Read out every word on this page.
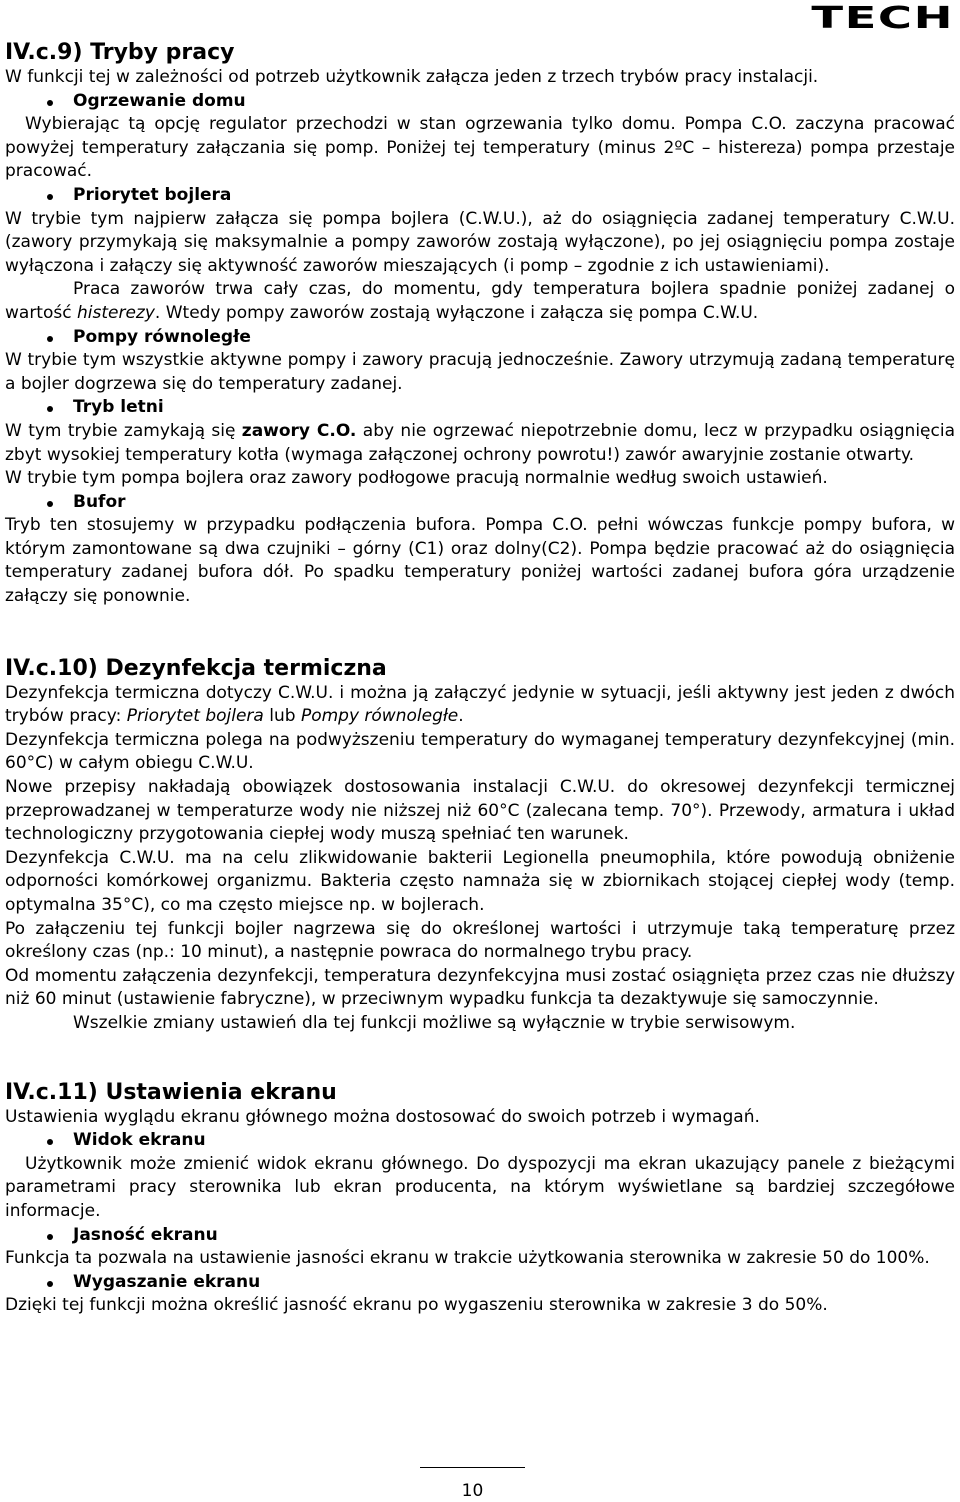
TECH
IV.c.9) Tryby pracy

W funkcji tej w zależności od potrzeb użytkownik załącza jeden z trzech trybów pracy instalacji.

Ogrzewanie domu

Wybierając tą opcję regulator przechodzi w stan ogrzewania tylko domu. Pompa C.O. zaczyna pracować powyżej temperatury załączania się pomp. Poniżej tej temperatury (minus 2ºC – histereza) pompa przestaje pracować.

Priorytet bojlera

W trybie tym najpierw załącza się pompa bojlera (C.W.U.), aż do osiągnięcia zadanej temperatury C.W.U. (zawory przymykają się maksymalnie a pompy zaworów zostają wyłączone), po jej osiągnięciu pompa zostaje wyłączona i załączy się aktywność zaworów mieszających (i pomp – zgodnie z ich ustawieniami).

Praca zaworów trwa cały czas, do momentu, gdy temperatura bojlera spadnie poniżej zadanej o wartość histerezy. Wtedy pompy zaworów zostają wyłączone i załącza się pompa C.W.U.

Pompy równoległe

W trybie tym wszystkie aktywne pompy i zawory pracują jednocześnie. Zawory utrzymują zadaną temperaturę a bojler dogrzewa się do temperatury zadanej.

Tryb letni

W tym trybie zamykają się zawory C.O. aby nie ogrzewać niepotrzebnie domu, lecz w przypadku osiągnięcia zbyt wysokiej temperatury kotła (wymaga załączonej ochrony powrotu!) zawór awaryjnie zostanie otwarty.

W trybie tym pompa bojlera oraz zawory podłogowe pracują normalnie według swoich ustawień.

Bufor

Tryb ten stosujemy w przypadku podłączenia bufora. Pompa C.O. pełni wówczas funkcje pompy bufora, w którym zamontowane są dwa czujniki – górny (C1) oraz dolny(C2). Pompa będzie pracować aż do osiągnięcia temperatury zadanej bufora dół. Po spadku temperatury poniżej wartości zadanej bufora góra urządzenie załączy się ponownie.

IV.c.10) Dezynfekcja termiczna

Dezynfekcja termiczna dotyczy C.W.U. i można ją załączyć jedynie w sytuacji, jeśli aktywny jest jeden z dwóch trybów pracy: Priorytet bojlera lub Pompy równoległe.

Dezynfekcja termiczna polega na podwyższeniu temperatury do wymaganej temperatury dezynfekcyjnej (min. 60°C) w całym obiegu C.W.U.

Nowe przepisy nakładają obowiązek dostosowania instalacji C.W.U. do okresowej dezynfekcji termicznej przeprowadzanej w temperaturze wody nie niższej niż 60°C (zalecana temp. 70°). Przewody, armatura i układ technologiczny przygotowania ciepłej wody muszą spełniać ten warunek.

Dezynfekcja C.W.U. ma na celu zlikwidowanie bakterii Legionella pneumophila, które powodują obniżenie odporności komórkowej organizmu. Bakteria często namnaża się w zbiornikach stojącej ciepłej wody (temp. optymalna 35°C), co ma często miejsce np. w bojlerach.

Po załączeniu tej funkcji bojler nagrzewa się do określonej wartości i utrzymuje taką temperaturę przez określony czas (np.: 10 minut), a następnie powraca do normalnego trybu pracy.

Od momentu załączenia dezynfekcji, temperatura dezynfekcyjna musi zostać osiągnięta przez czas nie dłuższy niż 60 minut (ustawienie fabryczne), w przeciwnym wypadku funkcja ta dezaktywuje się samoczynnie.

Wszelkie zmiany ustawień dla tej funkcji możliwe są wyłącznie w trybie serwisowym.

IV.c.11) Ustawienia ekranu

Ustawienia wyglądu ekranu głównego można dostosować do swoich potrzeb i wymagań.

Widok ekranu

Użytkownik może zmienić widok ekranu głównego. Do dyspozycji ma ekran ukazujący panele z bieżącymi parametrami pracy sterownika lub ekran producenta, na którym wyświetlane są bardziej szczegółowe informacje.

Jasność ekranu

Funkcja ta pozwala na ustawienie jasności ekranu w trakcie użytkowania sterownika w zakresie 50 do 100%.

Wygaszanie ekranu

Dzięki tej funkcji można określić jasność ekranu po wygaszeniu sterownika w zakresie 3 do 50%.

10
